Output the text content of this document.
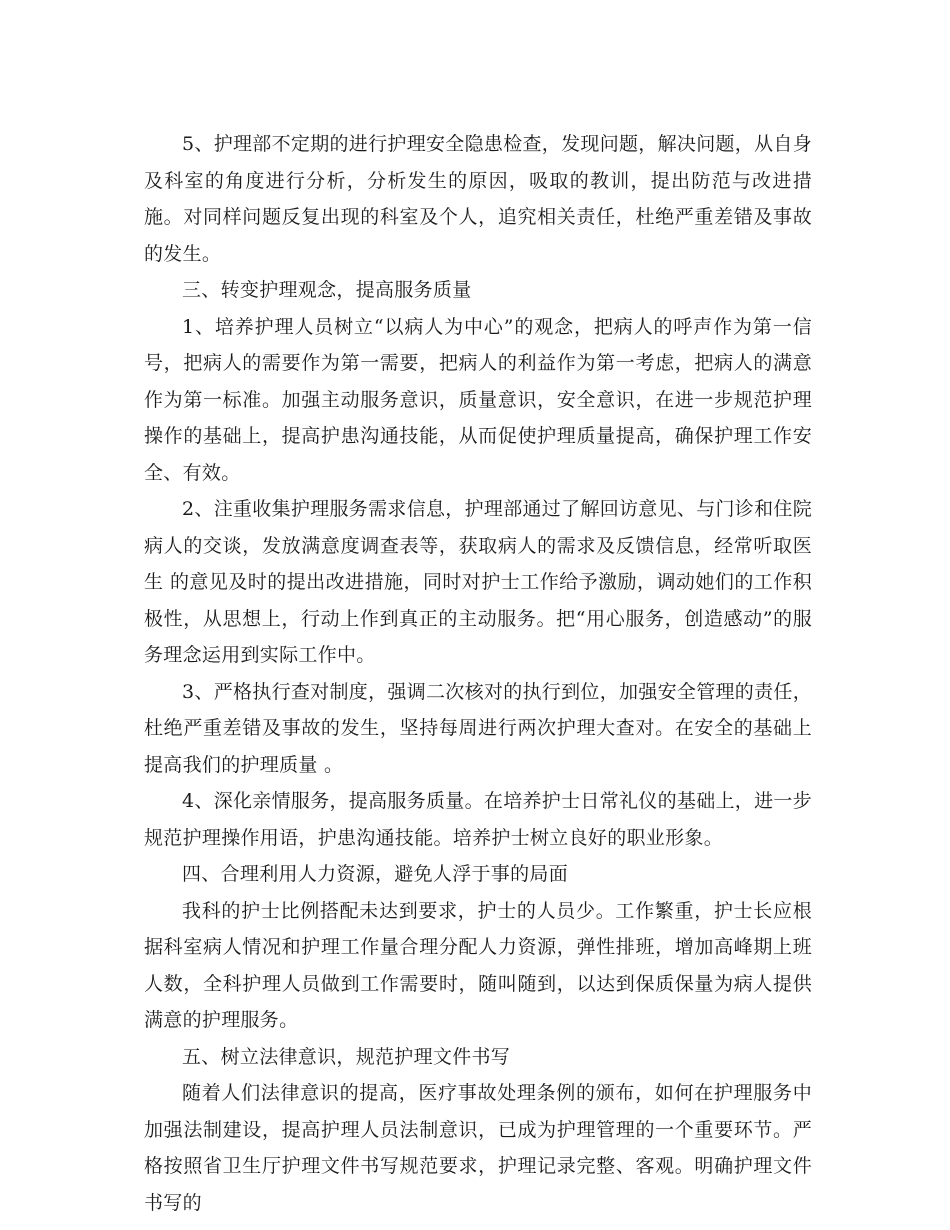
5、护理部不定期的进行护理安全隐患检查，发现问题，解决问题，从自身及科室的角度进行分析，分析发生的原因，吸取的教训，提出防范与改进措施。对同样问题反复出现的科室及个人，追究相关责任，杜绝严重差错及事故的发生。

三、转变护理观念，提高服务质量

1、培养护理人员树立“以病人为中心”的观念，把病人的呼声作为第一信号，把病人的需要作为第一需要，把病人的利益作为第一考虑，把病人的满意作为第一标准。加强主动服务意识，质量意识，安全意识，在进一步规范护理操作的基础上，提高护患沟通技能，从而促使护理质量提高，确保护理工作安全、有效。

2、注重收集护理服务需求信息，护理部通过了解回访意见、与门诊和住院病人的交谈，发放满意度调查表等，获取病人的需求及反馈信息，经常听取医生 的意见及时的提出改进措施，同时对护士工作给予激励，调动她们的工作积极性，从思想上，行动上作到真正的主动服务。把“用心服务，创造感动”的服务理念运用到实际工作中。

3、严格执行查对制度，强调二次核对的执行到位，加强安全管理的责任，杜绝严重差错及事故的发生，坚持每周进行两次护理大查对。在安全的基础上提高我们的护理质量 。

4、深化亲情服务，提高服务质量。在培养护士日常礼仪的基础上，进一步规范护理操作用语，护患沟通技能。培养护士树立良好的职业形象。

四、合理利用人力资源，避免人浮于事的局面

我科的护士比例搭配未达到要求，护士的人员少。工作繁重，护士长应根据科室病人情况和护理工作量合理分配人力资源，弹性排班，增加高峰期上班人数，全科护理人员做到工作需要时，随叫随到，以达到保质保量为病人提供满意的护理服务。

五、树立法律意识，规范护理文件书写

随着人们法律意识的提高，医疗事故处理条例的颁布，如何在护理服务中加强法制建设，提高护理人员法制意识，已成为护理管理的一个重要环节。严格按照省卫生厅护理文件书写规范要求，护理记录完整、客观。明确护理文件书写的
